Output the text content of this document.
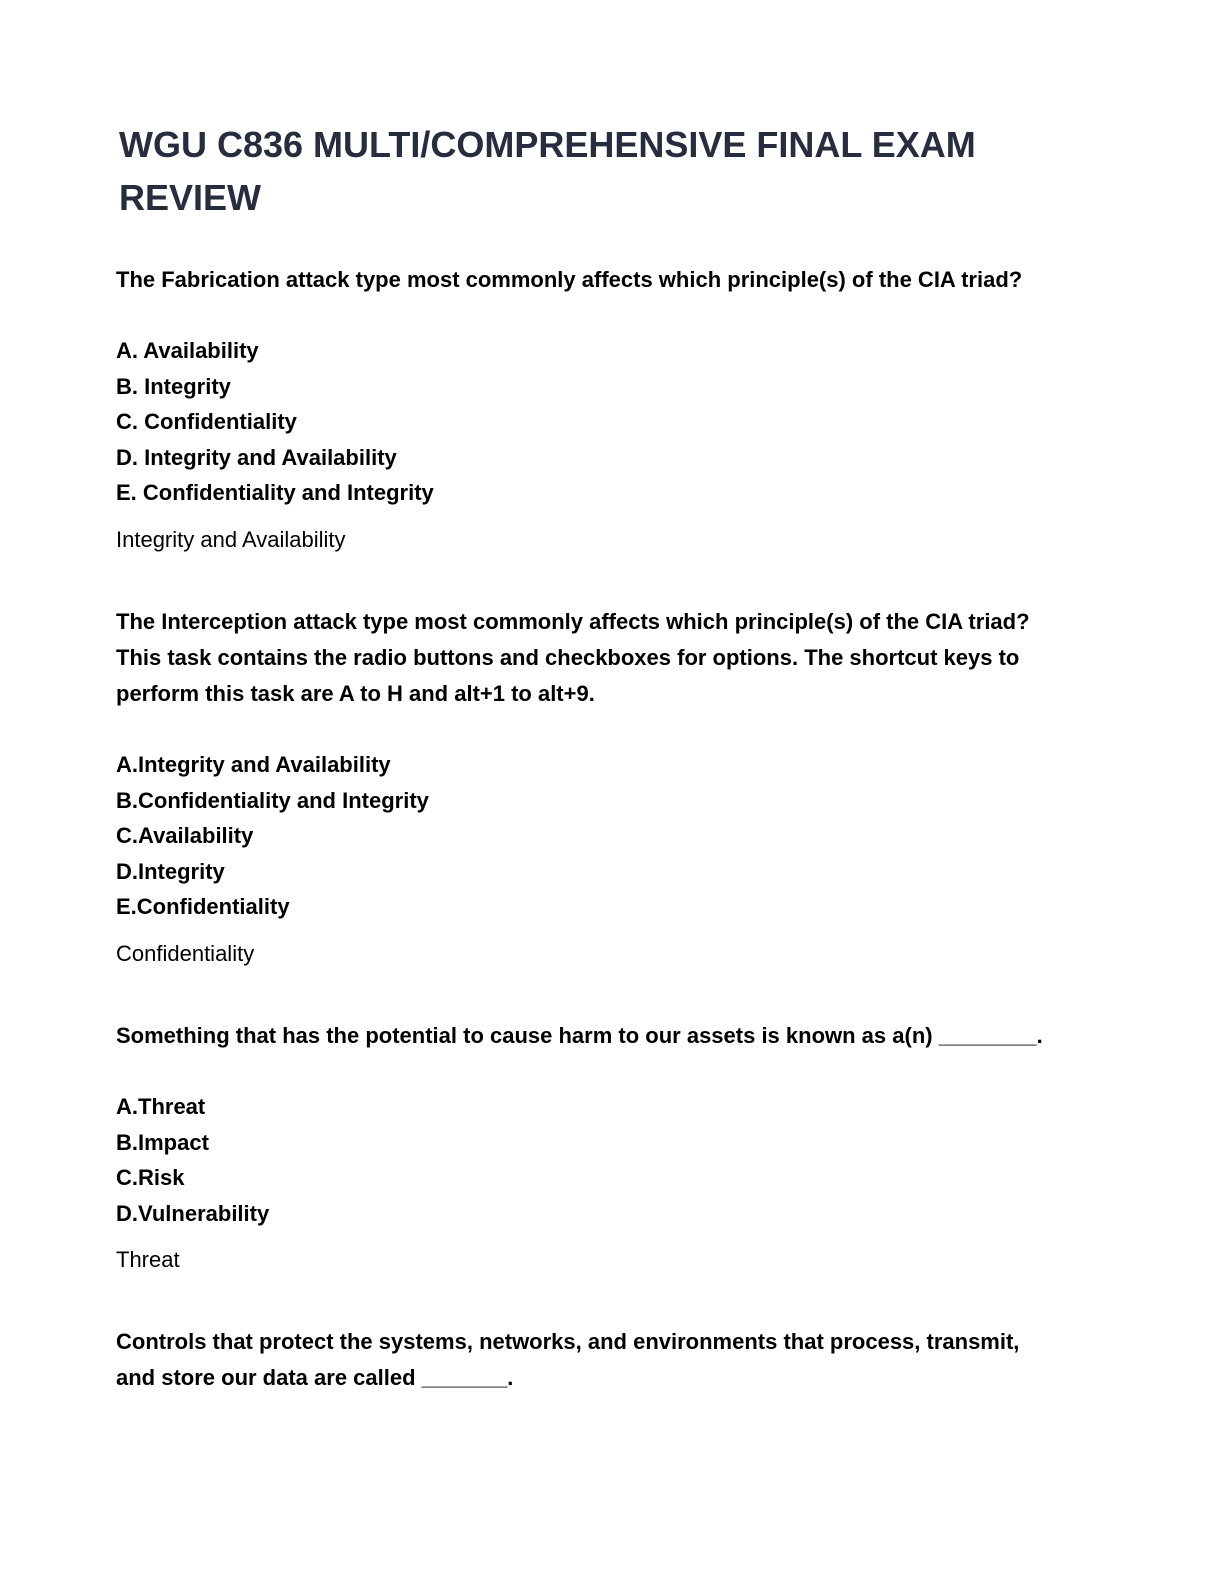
WGU C836 MULTI/COMPREHENSIVE FINAL EXAM REVIEW

The Fabrication attack type most commonly affects which principle(s) of the CIA triad?

A. Availability
B. Integrity
C. Confidentiality
D. Integrity and Availability
E. Confidentiality and Integrity
Integrity and Availability

The Interception attack type most commonly affects which principle(s) of the CIA triad? This task contains the radio buttons and checkboxes for options. The shortcut keys to perform this task are A to H and alt+1 to alt+9.

A.Integrity and Availability
B.Confidentiality and Integrity
C.Availability
D.Integrity
E.Confidentiality
Confidentiality

Something that has the potential to cause harm to our assets is known as a(n) ________.

A.Threat
B.Impact
C.Risk
D.Vulnerability
Threat

Controls that protect the systems, networks, and environments that process, transmit, and store our data are called _______.
